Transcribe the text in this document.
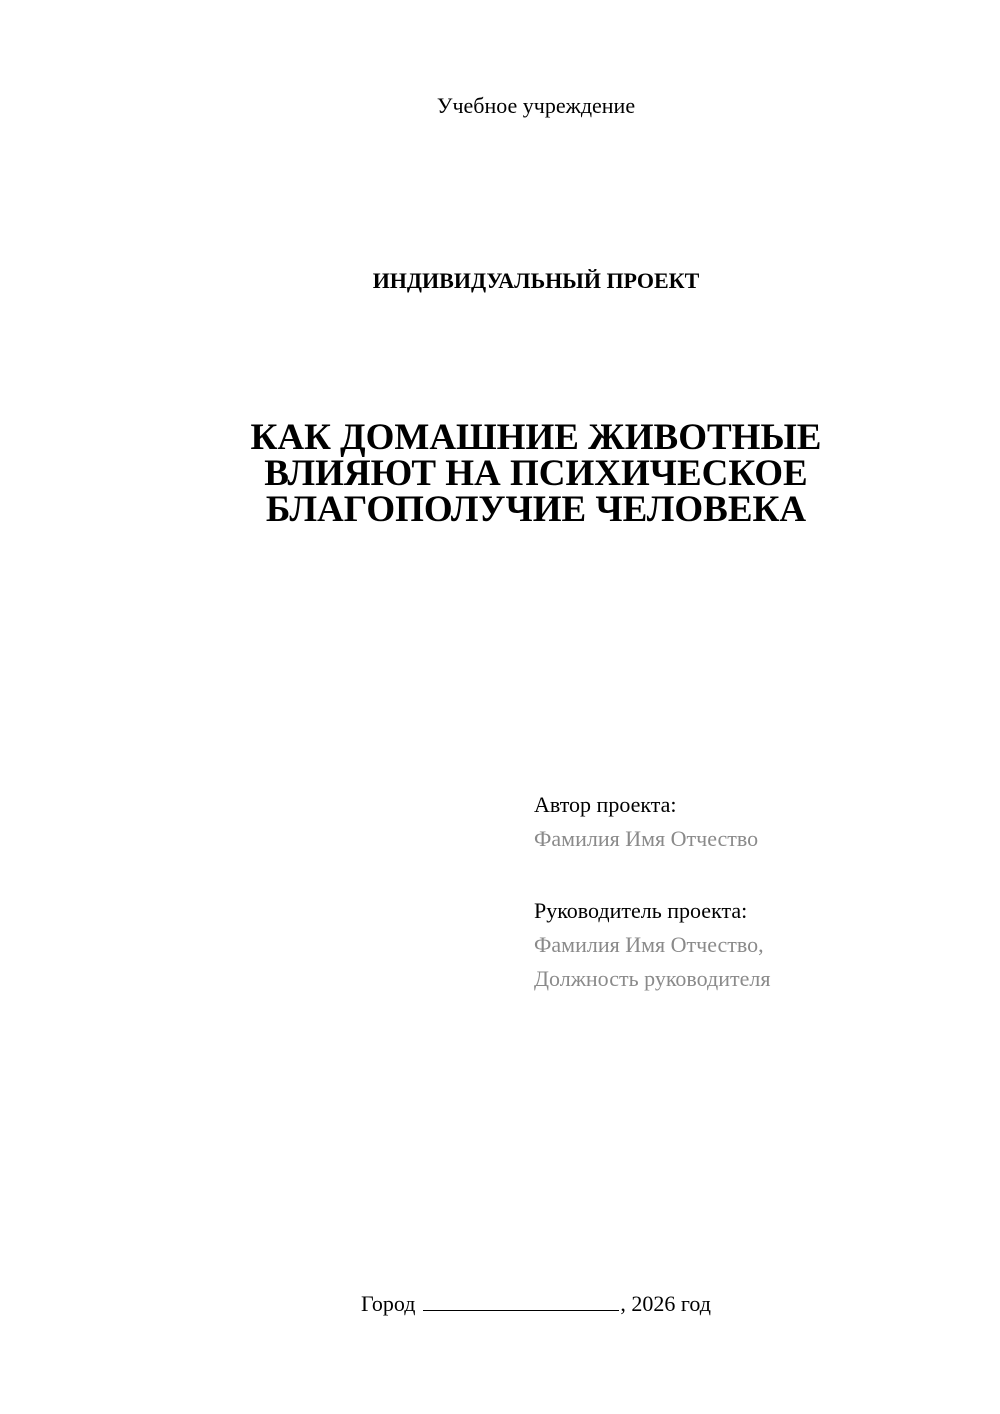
Учебное учреждение
ИНДИВИДУАЛЬНЫЙ ПРОЕКТ
КАК ДОМАШНИЕ ЖИВОТНЫЕ
ВЛИЯЮТ НА ПСИХИЧЕСКОЕ
БЛАГОПОЛУЧИЕ ЧЕЛОВЕКА
Автор проекта:
Фамилия Имя Отчество
Руководитель проекта:
Фамилия Имя Отчество,
Должность руководителя
Город	, 2026 год
